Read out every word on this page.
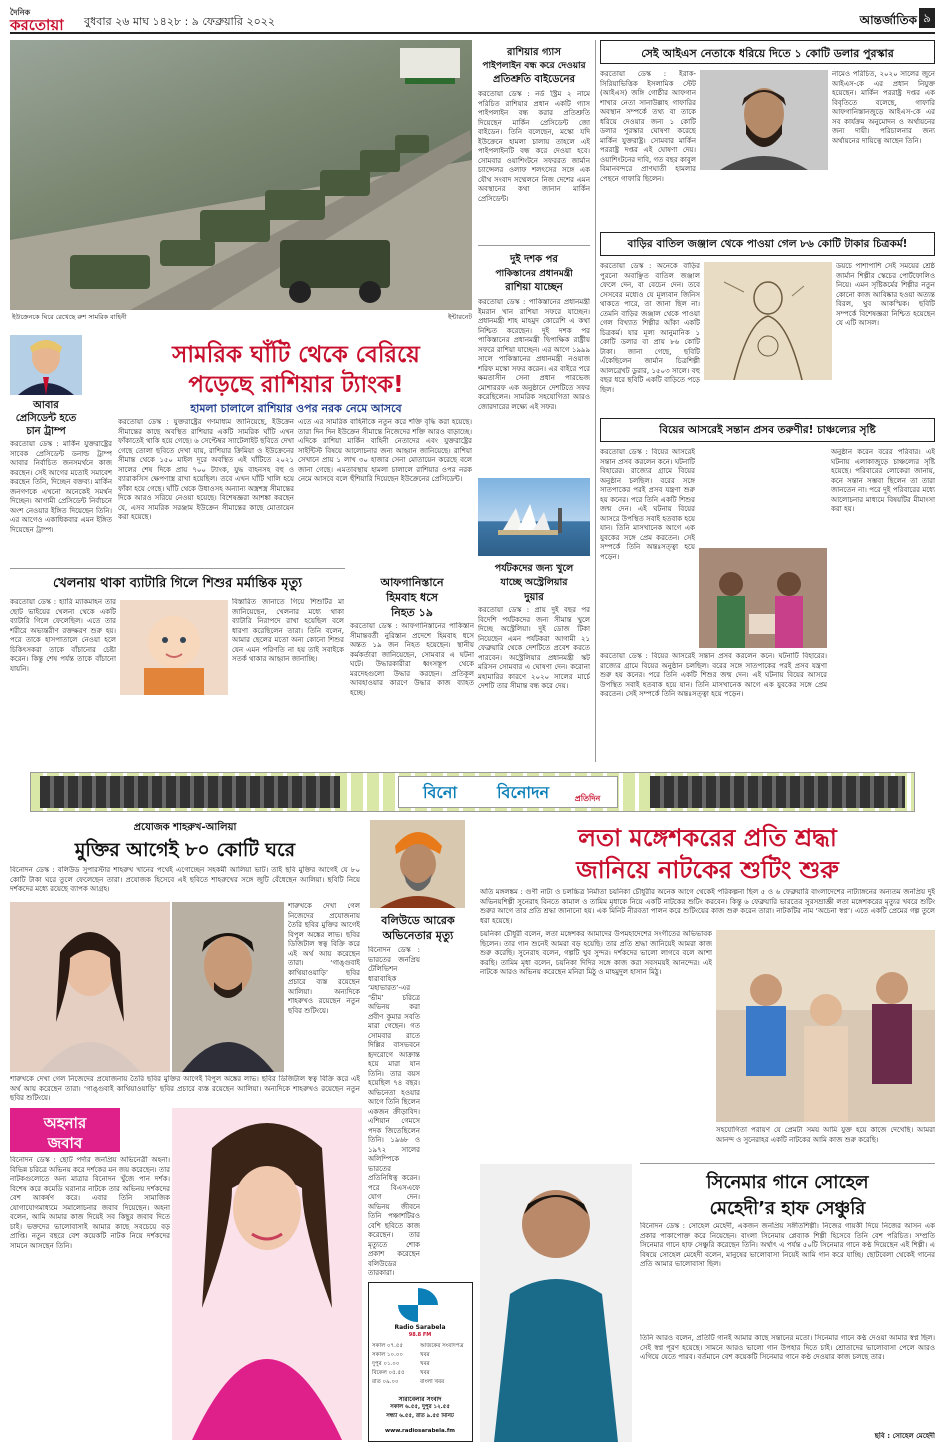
দৈনিক
করতোয়া	বুধবার ২৬ মাঘ ১৪২৮ : ৯ ফেব্রুয়ারি ২০২২	আন্তর্জাতিক ৯
ইউক্রেনকে ঘিরে রেখেছে রুশ সামরিক বাহিনী	ইন্টারনেট
রাশিয়ার গ্যাস
পাইপলাইন বন্ধ করে দেওয়ার
প্রতিশ্রুতি বাইডেনের
করতোয়া ডেস্ক : নর্ড স্ট্রিম ২ নামে পরিচিত রাশিয়ার প্রধান একটি গ্যাস পাইপলাইন বন্ধ করার প্রতিশ্রুতি দিয়েছেন মার্কিন প্রেসিডেন্ট জো বাইডেন। তিনি বলেছেন, মস্কো যদি ইউক্রেনে হামলা চালায় তাহলে এই পাইপলাইনটি বন্ধ করে দেওয়া হবে। সোমবার ওয়াশিংটনে সফররত জার্মান চ্যান্সেলর ওলাফ শলৎসের সঙ্গে এক যৌথ সংবাদ সম্মেলনে নিজ দেশের এমন অবস্থানের কথা জানান মার্কিন প্রেসিডেন্ট।
দুই দশক পর
পাকিস্তানের প্রধানমন্ত্রী
রাশিয়া যাচ্ছেন
করতোয়া ডেস্ক : পাকিস্তানের প্রধানমন্ত্রী ইমরান খান রাশিয়া সফরে যাচ্ছেন। প্রধানমন্ত্রী শাহ মাহমুদ কোরেশি এ কথা নিশ্চিত করেছেন। দুই দশক পর পাকিস্তানের প্রধানমন্ত্রী দ্বিপাক্ষিক রাষ্ট্রীয় সফরে রাশিয়া যাচ্ছেন। এর আগে ১৯৯৯ সালে পাকিস্তানের প্রধানমন্ত্রী নওয়াজ শরিফ মস্কো সফর করেন। এর বাইরে পরে ক্ষমতাসীন সেনা প্রধান পারভেজ মোশাররফ এক অনুষ্ঠানে দেশটিতে সফর করেছিলেন। সামরিক সহযোগিতা আরও জোরদারের লক্ষ্যে এই সফর।
পর্যটকদের জন্য খুলে
যাচ্ছে অস্ট্রেলিয়ার
দুয়ার
করতোয়া ডেস্ক : প্রায় দুই বছর পর বিদেশি পর্যটকদের জন্য সীমান্ত খুলে দিচ্ছে অস্ট্রেলিয়া। দুই ডোজ টিকা নিয়েছেন এমন পর্যটকরা আগামী ২১ ফেব্রুয়ারি থেকে দেশটিতে প্রবেশ করতে পারবেন। অস্ট্রেলিয়ার প্রধানমন্ত্রী স্কট মরিসন সোমবার এ ঘোষণা দেন। করোনা মহামারির কারণে ২০২০ সালের মার্চে দেশটি তার সীমান্ত বন্ধ করে দেয়।
আবার
প্রেসিডেন্ট হতে
চান ট্রাম্প
করতোয়া ডেস্ক : মার্কিন যুক্তরাষ্ট্রের সাবেক প্রেসিডেন্ট ডনাল্ড ট্রাম্প আবার নির্বাচিত জনসমর্থনে কাজ করছেন। সেই আগের মতোই সমাবেশ করছেন তিনি, দিচ্ছেন বক্তব্য। মার্কিন জনগণকে এখনো অনেকেই সমর্থন দিচ্ছেন। আগামী প্রেসিডেন্ট নির্বাচনে অংশ নেওয়ার ইঙ্গিত দিয়েছেন তিনি। এর আগেও একাধিকবার এমন ইঙ্গিত দিয়েছেন ট্রাম্প।
সামরিক ঘাঁটি থেকে বেরিয়ে
পড়েছে রাশিয়ার ট্যাংক!
হামলা চালালে রাশিয়ার ওপর নরক নেমে আসবে
করতোয়া ডেস্ক : যুক্তরাষ্ট্রের গণমাধ্যম জানিয়েছে, ইউক্রেন সীমান্তের কাছে অবস্থিত রাশিয়ার একটি সামরিক ঘাঁটি এখন ফাঁকাতেই থাকি হয়ে গেছে। ৬ সেপ্টেম্বর স্যাটেলাইট ছবিতে দেখা গেছে তোলা ছবিতে দেখা যায়, রাশিয়ার ক্রিমিয়া ও ইউক্রেনের সীমান্ত থেকে ১৫০ মাইল দূরে অবস্থিত এই ঘাঁটিতে ২০২১ সালের শেষ দিকে প্রায় ৭০০ ট্যাংক, যুদ্ধ বাহনসহ বহু ও ব্যারাকসিস ক্ষেপণাস্ত্র রাখা হয়েছিল। তবে এখন ঘাঁটি খালি হয়ে ফাঁকা হয়ে গেছে। ঘাঁটি থেকে উধাওসহ অন্যান্য অস্ত্রশস্ত্র সীমান্তের দিকে আরও সরিয়ে নেওয়া হয়েছে। বিশেষজ্ঞরা আশঙ্কা করছেন যে, এসব সামরিক সরঞ্জাম ইউক্রেন সীমান্তের কাছে মোতায়েন করা হয়েছে।
এতে এর সামরিক বাহিনীকে নতুন করে শক্তি বৃদ্ধি করা হয়েছে। তারা দিন দিন ইউক্রেন সীমান্তে নিজেদের শক্তি আরও বাড়াচ্ছে। এদিকে রাশিয়া মার্কিন বাহিনী নেতাদের এবং যুক্তরাষ্ট্রের সাইন্টিস্ট বিষয়ে আলোচনার জন্য আহ্বান জানিয়েছে। রাশিয়া সেখানে প্রায় ১ লাখ ৩০ হাজার সেনা মোতায়েন করেছে বলে জানা গেছে। এমতাবস্থায় হামলা চালালে রাশিয়ার ওপর নরক নেমে আসবে বলে হুঁশিয়ারি দিয়েছেন ইউক্রেনের প্রেসিডেন্ট।
খেলনায় থাকা ব্যাটারি গিলে শিশুর মর্মান্তিক মৃত্যু
করতোয়া ডেস্ক : হ্যারি ম্যাকমাহন তার ছোট ভাইয়ের খেলনা থেকে একটি ব্যাটারি গিলে ফেলেছিল। এতে তার শরীরে অভ্যন্তরীণ রক্তক্ষরণ শুরু হয়। পরে তাকে হাসপাতালে নেওয়া হলে চিকিৎসকরা তাকে বাঁচানোর চেষ্টা করেন। কিন্তু শেষ পর্যন্ত তাকে বাঁচানো যায়নি।
বিস্তারিত জানাতে গিয়ে শিশুটির মা জানিয়েছেন, খেলনার মধ্যে থাকা ব্যাটারি নিরাপদে রাখা হয়েছিল বলে ধারণা করেছিলেন তারা। তিনি বলেন, আমার ছেলের মতো অন্য কোনো শিশুর যেন এমন পরিণতি না হয় তাই সবাইকে সতর্ক থাকার আহ্বান জানাচ্ছি।
আফগানিস্তানে
হিমবাহ ধসে
নিহত ১৯
করতোয়া ডেস্ক : আফগানিস্তানের পাকিস্তান সীমান্তবর্তী নুরিস্তান প্রদেশে হিমবাহ ধসে অন্তত ১৯ জন নিহত হয়েছেন। স্থানীয় কর্মকর্তারা জানিয়েছেন, সোমবার এ ঘটনা ঘটে। উদ্ধারকারীরা ধ্বংসস্তূপ থেকে মরদেহগুলো উদ্ধার করছেন। প্রতিকূল আবহাওয়ার কারণে উদ্ধার কাজ ব্যাহত হচ্ছে।
সেই আইএস নেতাকে ধরিয়ে দিতে ১ কোটি ডলার পুরস্কার
করতোয়া ডেস্ক : ইরাক-সিরিয়াভিত্তিক ইসলামিক স্টেট (আইএস) জঙ্গি গোষ্ঠীর আফগান শাখার নেতা সানাউল্লাহ গাফারির অবস্থান সম্পর্কে তথ্য বা তাকে ধরিয়ে দেওয়ার জন্য ১ কোটি ডলার পুরস্কার ঘোষণা করেছে মার্কিন যুক্তরাষ্ট্র। সোমবার মার্কিন পররাষ্ট্র দপ্তর এই ঘোষণা দেয়। ওয়াশিংটনের দাবি, গত বছর কাবুল বিমানবন্দরে প্রাণঘাতী হামলার পেছনে গাফারি ছিলেন।
নামেও পরিচিত, ২০২০ সালের জুনে আইএস-কে এর প্রধান নিযুক্ত হয়েছেন। মার্কিন পররাষ্ট্র দপ্তর এক বিবৃতিতে বলেছে, গাফারি আফগানিস্তানজুড়ে আইএস-কে এর সব কার্যক্রম অনুমোদন ও অর্থায়নের জন্য দায়ী। পরিচালনার জন্য অর্থায়নের দায়িত্বে আছেন তিনি।
বাড়ির বাতিল জঞ্জাল থেকে পাওয়া গেল ৮৬ কোটি টাকার চিত্রকর্ম!
করতোয়া ডেস্ক : অনেকে বাড়ির পুরনো অবাঞ্ছিত বাতিল জঞ্জাল ফেলে দেন, বা বেচেন দেন। তবে সেসবের মধ্যেও যে মূল্যবান জিনিস থাকতে পারে, তা জানা ছিল না। তেমনি বাড়ির জঞ্জাল থেকে পাওয়া গেল বিখ্যাত শিল্পীর আঁকা একটি চিত্রকর্ম। যার মূল্য আনুমানিক ১ কোটি ডলার বা প্রায় ৮৬ কোটি টাকা। জানা গেছে, ছবিটি এঁকেছিলেন জার্মান চিত্রশিল্পী আলব্রেখট ডুরার, ১৫০৩ সালে। বহু বছর ধরে ছবিটি একটি বাড়িতে পড়ে ছিল।
ডয়চে পাশাপাশি সেই সময়ের শ্রেষ্ঠ জার্মান শিল্পীর স্কেচের পোর্টফোলিও নিয়ে। এমন সৃষ্টিকর্মের শিল্পীর নতুন কোনো কাজ আবিষ্কার হওয়া অত্যন্ত বিরল, খুব আকস্মিক। ছবিটি সম্পর্কে বিশেষজ্ঞরা নিশ্চিত হয়েছেন যে এটি আসল।
বিয়ের আসরেই সন্তান প্রসব তরুণীর! চাঞ্চল্যের সৃষ্টি
করতোয়া ডেস্ক : বিয়ের আসরেই সন্তান প্রসব করলেন কনে। ঘটনাটি বিহারের। রাজ্যের গ্রামে বিয়ের অনুষ্ঠান চলছিল। বরের সঙ্গে সাতপাকের পরই প্রসব যন্ত্রণা শুরু হয় কনের। পরে তিনি একটি শিশুর জন্ম দেন। এই ঘটনায় বিয়ের আসরে উপস্থিত সবাই হতবাক হয়ে যান। তিনি মাসখানেক আগে এক যুবকের সঙ্গে প্রেম করতেন। সেই সম্পর্কে তিনি অন্তঃসত্ত্বা হয়ে পড়েন।
অনুষ্ঠান করেন বরের পরিবার। এই ঘটনায় এলাকাজুড়ে চাঞ্চল্যের সৃষ্টি হয়েছে। পরিবারের লোকেরা জানায়, কনে সন্তান সম্ভবা ছিলেন তা তারা জানতেন না। পরে দুই পরিবারের মধ্যে আলোচনার মাধ্যমে বিষয়টির মীমাংসা করা হয়।
করতোয়া ডেস্ক : বিয়ের আসরেই সন্তান প্রসব করলেন কনে। ঘটনাটি বিহারের। রাজ্যের গ্রামে বিয়ের অনুষ্ঠান চলছিল। বরের সঙ্গে সাতপাকের পরই প্রসব যন্ত্রণা শুরু হয় কনের। পরে তিনি একটি শিশুর জন্ম দেন। এই ঘটনায় বিয়ের আসরে উপস্থিত সবাই হতবাক হয়ে যান। তিনি মাসখানেক আগে এক যুবকের সঙ্গে প্রেম করতেন। সেই সম্পর্কে তিনি অন্তঃসত্ত্বা হয়ে পড়েন।
বিনো	বিনোদন	প্রতিদিন
প্রযোজক শাহরুখ-আলিয়া
মুক্তির আগেই ৮০ কোটি ঘরে
বিনোদন ডেস্ক : বলিউড সুপারস্টার শাহরুখ খানের পথেই এগোচ্ছেন সহকর্মী আলিয়া ভাট। তাই ছবি মুক্তির আগেই যে ৮০ কোটি টাকা ঘরে তুলে ফেলেছেন তারা। প্রযোজক হিসেবে এই ছবিতে শাহরুখের সঙ্গে জুটি বেঁধেছেন আলিয়া। ছবিটি নিয়ে দর্শকদের মধ্যে রয়েছে ব্যাপক আগ্রহ।
শারুখকে দেখা গেল নিজেদের প্রযোজনায় তৈরি ছবির মুক্তির আগেই বিপুল অঙ্কের লাভ। ছবির ডিজিটাল স্বত্ব বিক্রি করে এই অর্থ আয় করেছেন তারা। ‘গাঙ্গুবাই কাথিয়াওয়াড়ি’ ছবির প্রচারে ব্যস্ত রয়েছেন আলিয়া। অন্যদিকে শাহরুখও রয়েছেন নতুন ছবির শুটিংয়ে।
শারুখকে দেখা গেল নিজেদের প্রযোজনায় তৈরি ছবির মুক্তির আগেই বিপুল অঙ্কের লাভ। ছবির ডিজিটাল স্বত্ব বিক্রি করে এই অর্থ আয় করেছেন তারা। ‘গাঙ্গুবাই কাথিয়াওয়াড়ি’ ছবির প্রচারে ব্যস্ত রয়েছেন আলিয়া। অন্যদিকে শাহরুখও রয়েছেন নতুন ছবির শুটিংয়ে।
বলিউডে আরেক
অভিনেতার মৃত্যু
বিনোদন ডেস্ক : ভারতের জনপ্রিয় টেলিভিশন ধারাবাহিক ‘মহাভারত’-এর ‘ভীম’ চরিত্রে অভিনয় করা প্রবীণ কুমার সবতি মারা গেছেন। গত সোমবার রাতে দিল্লির বাসভবনে হৃদরোগে আক্রান্ত হয়ে মারা যান তিনি। তার বয়স হয়েছিল ৭৪ বছর। অভিনেতা হওয়ার আগে তিনি ছিলেন একজন ক্রীড়াবিদ। এশিয়ান গেমসে পদক জিতেছিলেন তিনি। ১৯৬৮ ও ১৯৭২ সালের অলিম্পিকে ভারতের প্রতিনিধিত্ব করেন। পরে বিএসএফে যোগ দেন। অভিনয় জীবনে তিনি পঞ্চাশটিরও বেশি ছবিতে কাজ করেছেন। তার মৃত্যুতে শোক প্রকাশ করেছেন বলিউডের তারকারা।
অহনার
জবাব
বিনোদন ডেস্ক : ছোট পর্দার জনপ্রিয় অভিনেত্রী অহনা। বিভিন্ন চরিত্রে অভিনয় করে দর্শকের মন জয় করেছেন। তার নাটকগুলোতে অন্য মাত্রার বিনোদন খুঁজে পান দর্শক। বিশেষ করে কমেডি ঘরানার নাটকে তার অভিনয় দর্শকদের বেশ আকর্ষণ করে। এবার তিনি সামাজিক যোগাযোগমাধ্যমে সমালোচনার জবাব দিয়েছেন। অহনা বলেন, আমি আমার কাজ দিয়েই সব কিছুর জবাব দিতে চাই। ভক্তদের ভালোবাসাই আমার কাছে সবচেয়ে বড় প্রাপ্তি। নতুন বছরে বেশ কয়েকটি নাটক নিয়ে দর্শকদের সামনে আসছেন তিনি।
Radio Sarabela
98.8 FM
সকাল ০৭.৫৫	আজকের সংবাদপত্র
সকাল ১০.০০	খবর
দুপুর ০১.০০	খবর
বিকেল ০৫.৫৫	খবর
রাত ০৯.০০	বাংলা খবর
সারাবেলার সংবাদ
সকাল ৬.৫৫, দুপুর ১২.৫৫
সন্ধ্যা ৬.৫৫, রাত ৯.৫৫ মিনিট
www.radiosarabela.fm
লতা মঙ্গেশকরের প্রতি শ্রদ্ধা
জানিয়ে নাটকের শুটিং শুরু
অতি মঙ্গলঙ্কম : গুণী নাট্য ও চলচ্চিত্র নির্মাতা চয়নিকা চৌধুরীর অনেক আগে থেকেই পরিকল্পনা ছিল ৫ ও ৬ ফেব্রুয়ারি বাংলাদেশের নাট্যাঙ্গনের অন্যতম জনপ্রিয় দুই অভিনয়শিল্পী সুনেরাহ বিনতে কামাল ও তামিম মৃধাকে নিয়ে একটি নাটকের শুটিং করবেন। কিন্তু ৬ ফেব্রুয়ারি ভারতের সুরসম্রাজ্ঞী লতা মঙ্গেশকরের মৃত্যুর খবরে শুটিং শুরুর আগে তার প্রতি শ্রদ্ধা জানানো হয়। এক মিনিট নীরবতা পালন করে শুটিংয়ের কাজ শুরু করেন তারা। নাটকটির নাম ‘অচেনা স্বপ্ন’। এতে একটি প্রেমের গল্প তুলে ধরা হয়েছে।
চয়নিকা চৌধুরী বলেন, লতা মঙ্গেশকর আমাদের উপমহাদেশের সংগীতের অভিভাবক ছিলেন। তার গান শুনেই আমরা বড় হয়েছি। তার প্রতি শ্রদ্ধা জানিয়েই আমরা কাজ শুরু করেছি। সুনেরাহ বলেন, গল্পটি খুব সুন্দর। দর্শকদের ভালো লাগবে বলে আশা করছি। তামিম মৃধা বলেন, চয়নিকা দিদির সঙ্গে কাজ করা সবসময়ই আনন্দের। এই নাটকে আরও অভিনয় করেছেন মনিরা মিঠু ও মাহমুদুল হাসান মিঠু।
সহযোগিতা পরায়ণ যে প্রেমটা সময় আমি যুক্ত হয়ে কাজে দেখেছি। আমরা আনন্দ ও সুনেরাহর একটি নাটকের আমি কাজ শুরু করেছি।
সিনেমার গানে সোহেল
মেহেদী’র হাফ সেঞ্চুরি
বিনোদন ডেস্ক : সোহেল মেহেদী, একজন জনপ্রিয় সঙ্গীতশিল্পী। নিজের গায়কী দিয়ে নিজের আসন এক প্রকার পাকাপোক্ত করে নিয়েছেন। বাংলা সিনেমায় প্লেব্যাক শিল্পী হিসেবে তিনি বেশ পরিচিত। সম্প্রতি সিনেমার গানে হাফ সেঞ্চুরি করেছেন তিনি। অর্থাৎ এ পর্যন্ত ৫০টি সিনেমার গানে কণ্ঠ দিয়েছেন এই শিল্পী। এ বিষয়ে সোহেল মেহেদী বলেন, মানুষের ভালোবাসা নিয়েই আমি গান করে যাচ্ছি। ছোটবেলা থেকেই গানের প্রতি আমার ভালোবাসা ছিল।
তিনি আরও বলেন, প্রতিটি গানই আমার কাছে সন্তানের মতো। সিনেমার গানে কণ্ঠ দেওয়া আমার স্বপ্ন ছিল। সেই স্বপ্ন পূরণ হয়েছে। সামনে আরও ভালো গান উপহার দিতে চাই। শ্রোতাদের ভালোবাসা পেলে আরও এগিয়ে যেতে পারব। বর্তমানে বেশ কয়েকটি সিনেমার গানে কণ্ঠ দেওয়ার কাজ চলছে তার।
ছবি : সোহেল মেহেদী
